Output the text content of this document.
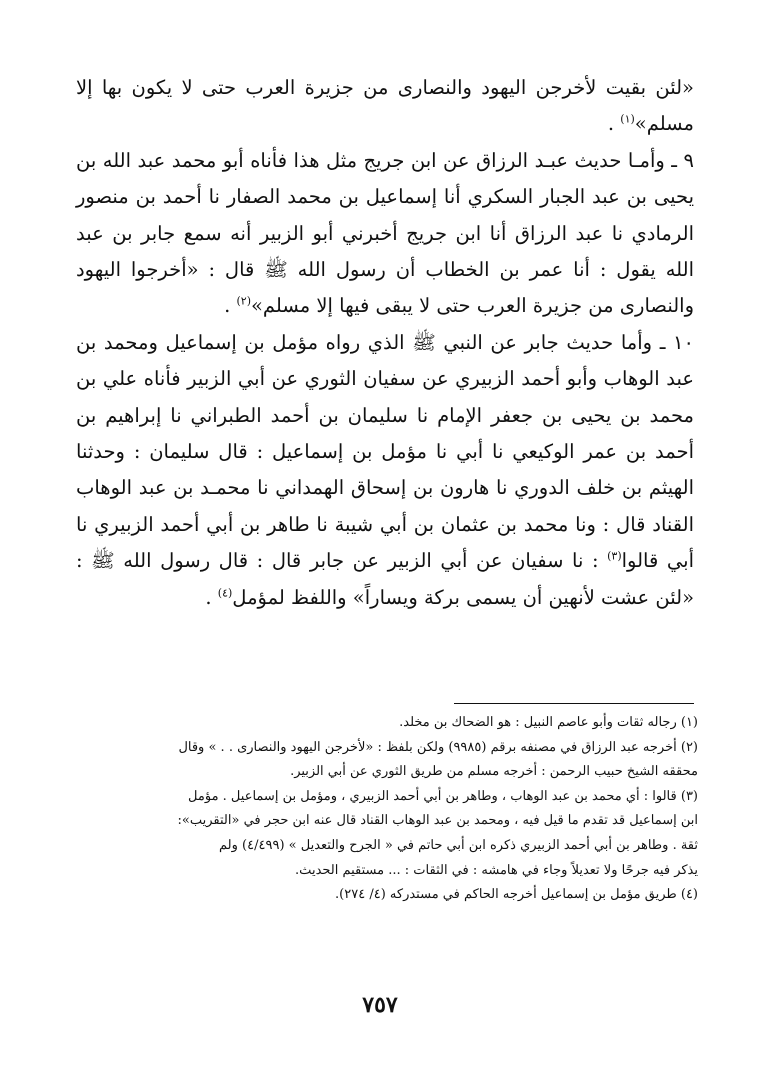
«لئن بقيت لأخرجن اليهود والنصارى من جزيرة العرب حتى لا يكون بها إلا مسلم»$^{(١)}$ .

٩ ـ وأمـا حديث عبـد الرزاق عن ابن جريج مثل هذا فأناه أبو محمد عبد الله بن يحيى بن عبد الجبار السكري أنا إسماعيل بن محمد الصفار نا أحمد بن منصور الرمادي نا عبد الرزاق أنا ابن جريج أخبرني أبو الزبير أنه سمع جابر بن عبد الله يقول : أنا عمر بن الخطاب أن رسول الله ﷺ قال : «أخرجوا اليهود والنصارى من جزيرة العرب حتى لا يبقى فيها إلا مسلم»$^{(٢)}$ .

١٠ ـ وأما حديث جابر عن النبي ﷺ الذي رواه مؤمل بن إسماعيل ومحمد بن عبد الوهاب وأبو أحمد الزبيري عن سفيان الثوري عن أبي الزبير فأناه علي بن محمد بن يحيى بن جعفر الإمام نا سليمان بن أحمد الطبراني نا إبراهيم بن أحمد بن عمر الوكيعي نا أبي نا مؤمل بن إسماعيل : قال سليمان : وحدثنا الهيثم بن خلف الدوري نا هارون بن إسحاق الهمداني نا محمـد بن عبد الوهاب القناد قال : ونا محمد بن عثمان بن أبي شيبة نا طاهر بن أبي أحمد الزبيري نا أبي قالوا$^{(٣)}$ : نا سفيان عن أبي الزبير عن جابر قال : قال رسول الله ﷺ : «لئن عشت لأنهين أن يسمى بركة ويساراً» واللفظ لمؤمل$^{(٤)}$ .

(١) رجاله ثقات وأبو عاصم النبيل : هو الضحاك بن مخلد.

(٢) أخرجه عبد الرزاق في مصنفه برقم (٩٩٨٥) ولكن بلفظ : «لأخرجن اليهود والنصارى . . » وقال

محققه الشيخ حبيب الرحمن : أخرجه مسلم من طريق الثوري عن أبي الزبير.

(٣) قالوا : أي محمد بن عبد الوهاب ، وطاهر بن أبي أحمد الزبيري ، ومؤمل بن إسماعيل . مؤمل

ابن إسماعيل قد تقدم ما قيل فيه ، ومحمد بن عبد الوهاب القناد قال عنه ابن حجر في «التقريب»:

ثقة . وطاهر بن أبي أحمد الزبيري ذكره ابن أبي حاتم في « الجرح والتعديل » (٤/٤٩٩) ولم

يذكر فيه جرحًا ولا تعديلاً وجاء في هامشه : في الثقات : ... مستقيم الحديث.

(٤) طريق مؤمل بن إسماعيل أخرجه الحاكم في مستدركه (٤/ ٢٧٤).

٧٥٧
